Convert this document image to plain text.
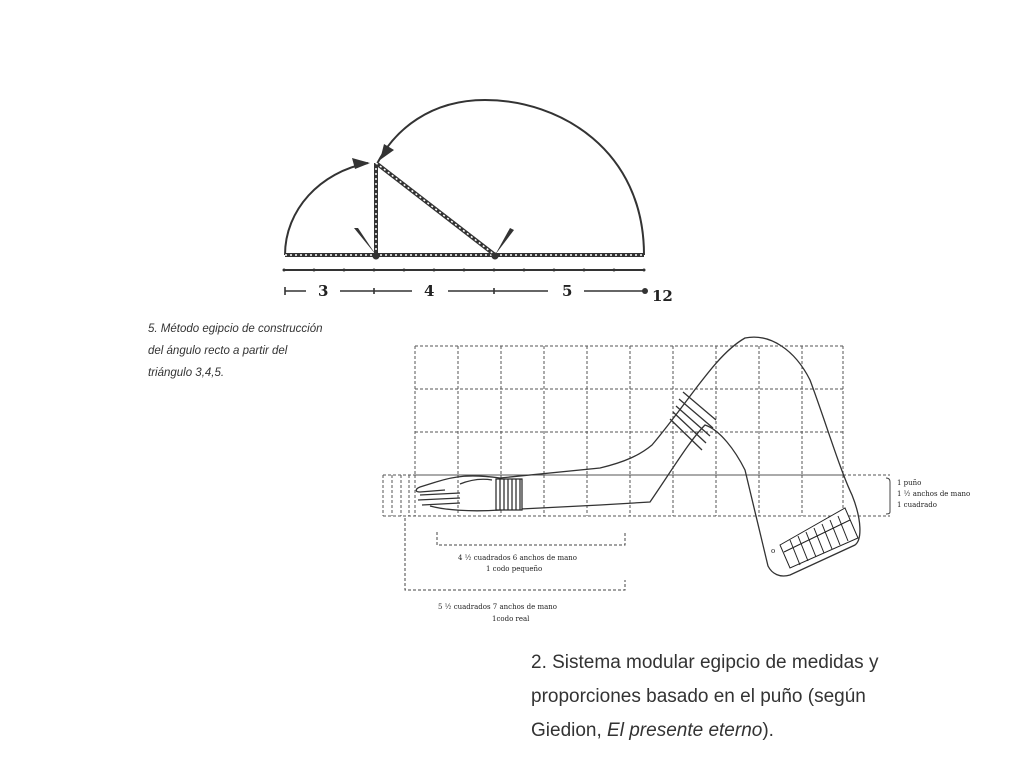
3	4	5	12
o
1 puño
1 ½ anchos de mano
1 cuadrado
4 ½ cuadrados 6 anchos de mano
1 codo pequeño
5 ½ cuadrados 7 anchos de mano
1codo real
5. Método egipcio de construcción
del ángulo recto a partir del
triángulo 3,4,5.
2. Sistema modular egipcio de medidas y
proporciones basado en el puño (según
Giedion, El presente eterno).
